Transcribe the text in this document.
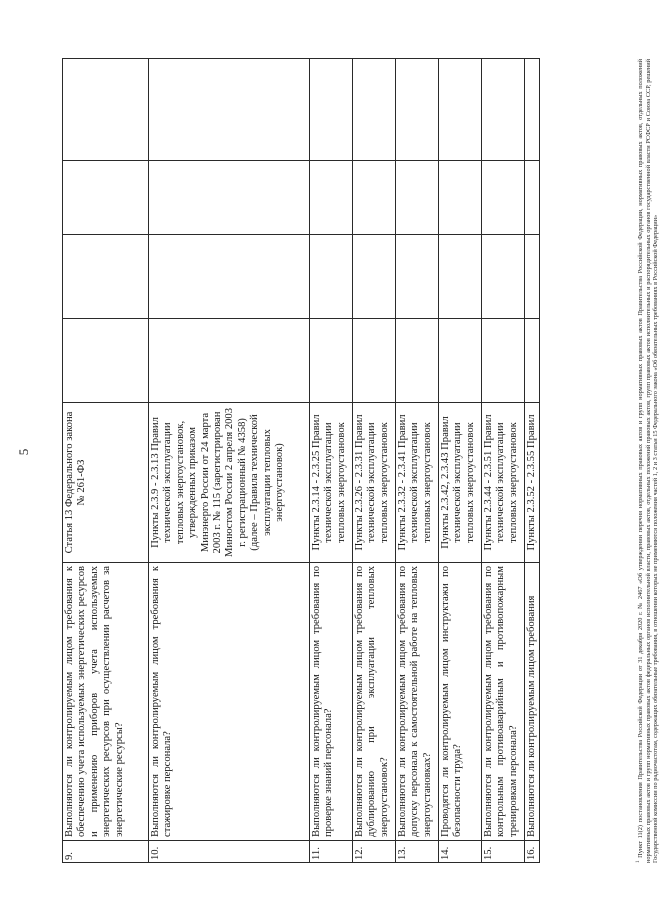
5
9.	Выполняются ли контролируемым лицом требования к обеспечению учета используемых энергетических ресурсов и применению приборов учета используемых энергетических ресурсов при осуществлении расчетов за энергетические ресурсы?	Статья 13 Федерального закона № 261-ФЗ				
10.	Выполняются ли контролируемым лицом требования к стажировке персонала?	Пункты 2.3.9 - 2.3.13 Правил технической эксплуатации тепловых энергоустановок, утвержденных приказом Минэнерго России от 24 марта 2003 г. № 115 (зарегистрирован Минюстом России 2 апреля 2003 г. регистрационный № 4358) (далее – Правила технической эксплуатации тепловых энергоустановок)				
11.	Выполняются ли контролируемым лицом требования по проверке знаний персонала?	Пункты 2.3.14 - 2.3.25 Правил технической эксплуатации тепловых энергоустановок				
12.	Выполняются ли контролируемым лицом требования по дублированию при эксплуатации тепловых энергоустановок?	Пункты 2.3.26 - 2.3.31 Правил технической эксплуатации тепловых энергоустановок				
13.	Выполняются ли контролируемым лицом требования по допуску персонала к самостоятельной работе на тепловых энергоустановках?	Пункты 2.3.32 - 2.3.41 Правил технической эксплуатации тепловых энергоустановок				
14.	Проводятся ли контролируемым лицом инструктажи по безопасности труда?	Пункты 2.3.42, 2.3.43 Правил технической эксплуатации тепловых энергоустановок				
15.	Выполняются ли контролируемым лицом требования по контрольным противоаварийным и противопожарным тренировкам персонала?	Пункты 2.3.44 - 2.3.51 Правил технической эксплуатации тепловых энергоустановок				
16.	Выполняются ли контролируемым лицом требования	Пункты 2.3.52 - 2.3.55 Правил				
$^1$ Пункт 11(2) постановления Правительства Российской Федерации от 31 декабря 2020 г. № 2467 «Об утверждении перечня нормативных правовых актов и групп нормативных правовых актов Правительства Российской Федерации, нормативных правовых актов, отдельных положений нормативных правовых актов и групп нормативных правовых актов федеральных органов исполнительной власти, правовых актов, отдельных положений правовых актов, групп правовых актов исполнительных и распорядительных органов государственной власти РСФСР и Союза ССР, решений Государственной комиссии по радиочастотам, содержащих обязательные требования, в отношении которых не применяются положения частей 1, 2 и 3 статьи 15 Федерального закона «Об обязательных требованиях в Российской Федерации»
